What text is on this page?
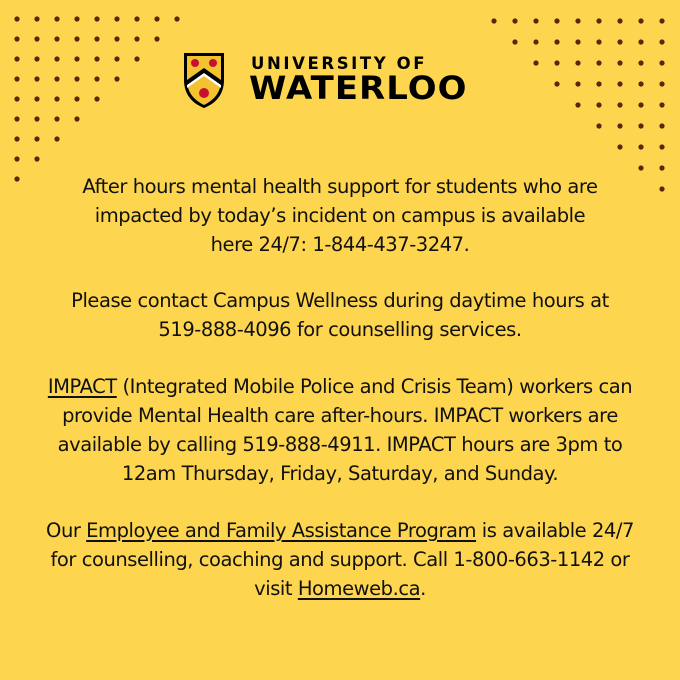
UNIVERSITY OF
WATERLOO
After hours mental health support for students who are
impacted by today’s incident on campus is available
here 24/7: 1-844-437-3247.
Please contact Campus Wellness during daytime hours at
519-888-4096 for counselling services.
IMPACT (Integrated Mobile Police and Crisis Team) workers can
provide Mental Health care after-hours. IMPACT workers are
available by calling 519-888-4911. IMPACT hours are 3pm to
12am Thursday, Friday, Saturday, and Sunday.
Our Employee and Family Assistance Program is available 24/7
for counselling, coaching and support. Call 1-800-663-1142 or
visit Homeweb.ca.
